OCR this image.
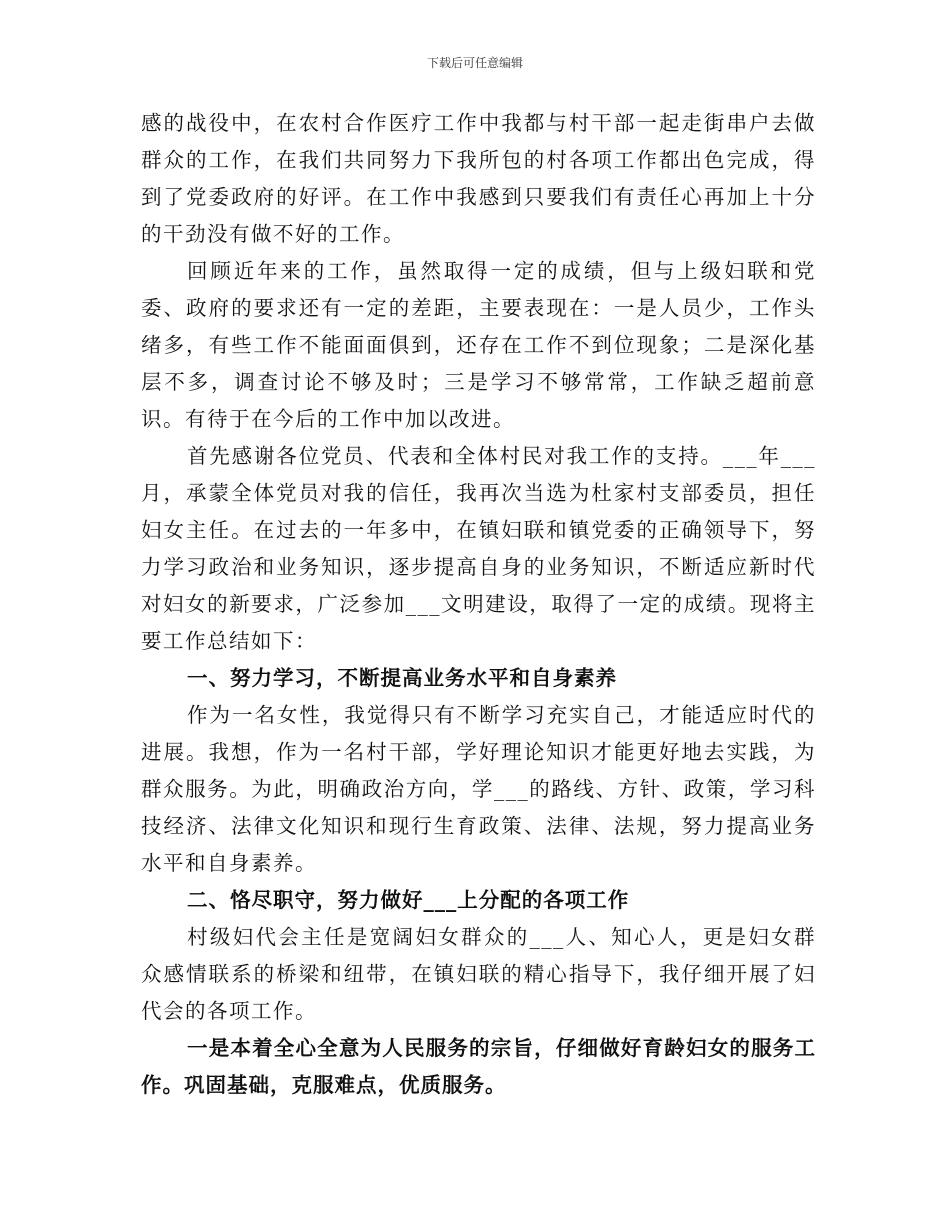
下载后可任意编辑

感的战役中，在农村合作医疗工作中我都与村干部一起走街串户去做群众的工作，在我们共同努力下我所包的村各项工作都出色完成，得到了党委政府的好评。在工作中我感到只要我们有责任心再加上十分的干劲没有做不好的工作。

回顾近年来的工作，虽然取得一定的成绩，但与上级妇联和党委、政府的要求还有一定的差距，主要表现在：一是人员少，工作头绪多，有些工作不能面面俱到，还存在工作不到位现象；二是深化基层不多，调查讨论不够及时；三是学习不够常常，工作缺乏超前意识。有待于在今后的工作中加以改进。

首先感谢各位党员、代表和全体村民对我工作的支持。___年___月，承蒙全体党员对我的信任，我再次当选为杜家村支部委员，担任妇女主任。在过去的一年多中，在镇妇联和镇党委的正确领导下，努力学习政治和业务知识，逐步提高自身的业务知识，不断适应新时代对妇女的新要求，广泛参加___文明建设，取得了一定的成绩。现将主要工作总结如下：

一、努力学习，不断提高业务水平和自身素养

作为一名女性，我觉得只有不断学习充实自己，才能适应时代的进展。我想，作为一名村干部，学好理论知识才能更好地去实践，为群众服务。为此，明确政治方向，学___的路线、方针、政策，学习科技经济、法律文化知识和现行生育政策、法律、法规，努力提高业务水平和自身素养。

二、恪尽职守，努力做好___上分配的各项工作

村级妇代会主任是宽阔妇女群众的___人、知心人，更是妇女群众感情联系的桥梁和纽带，在镇妇联的精心指导下，我仔细开展了妇代会的各项工作。

一是本着全心全意为人民服务的宗旨，仔细做好育龄妇女的服务工作。巩固基础，克服难点，优质服务。
